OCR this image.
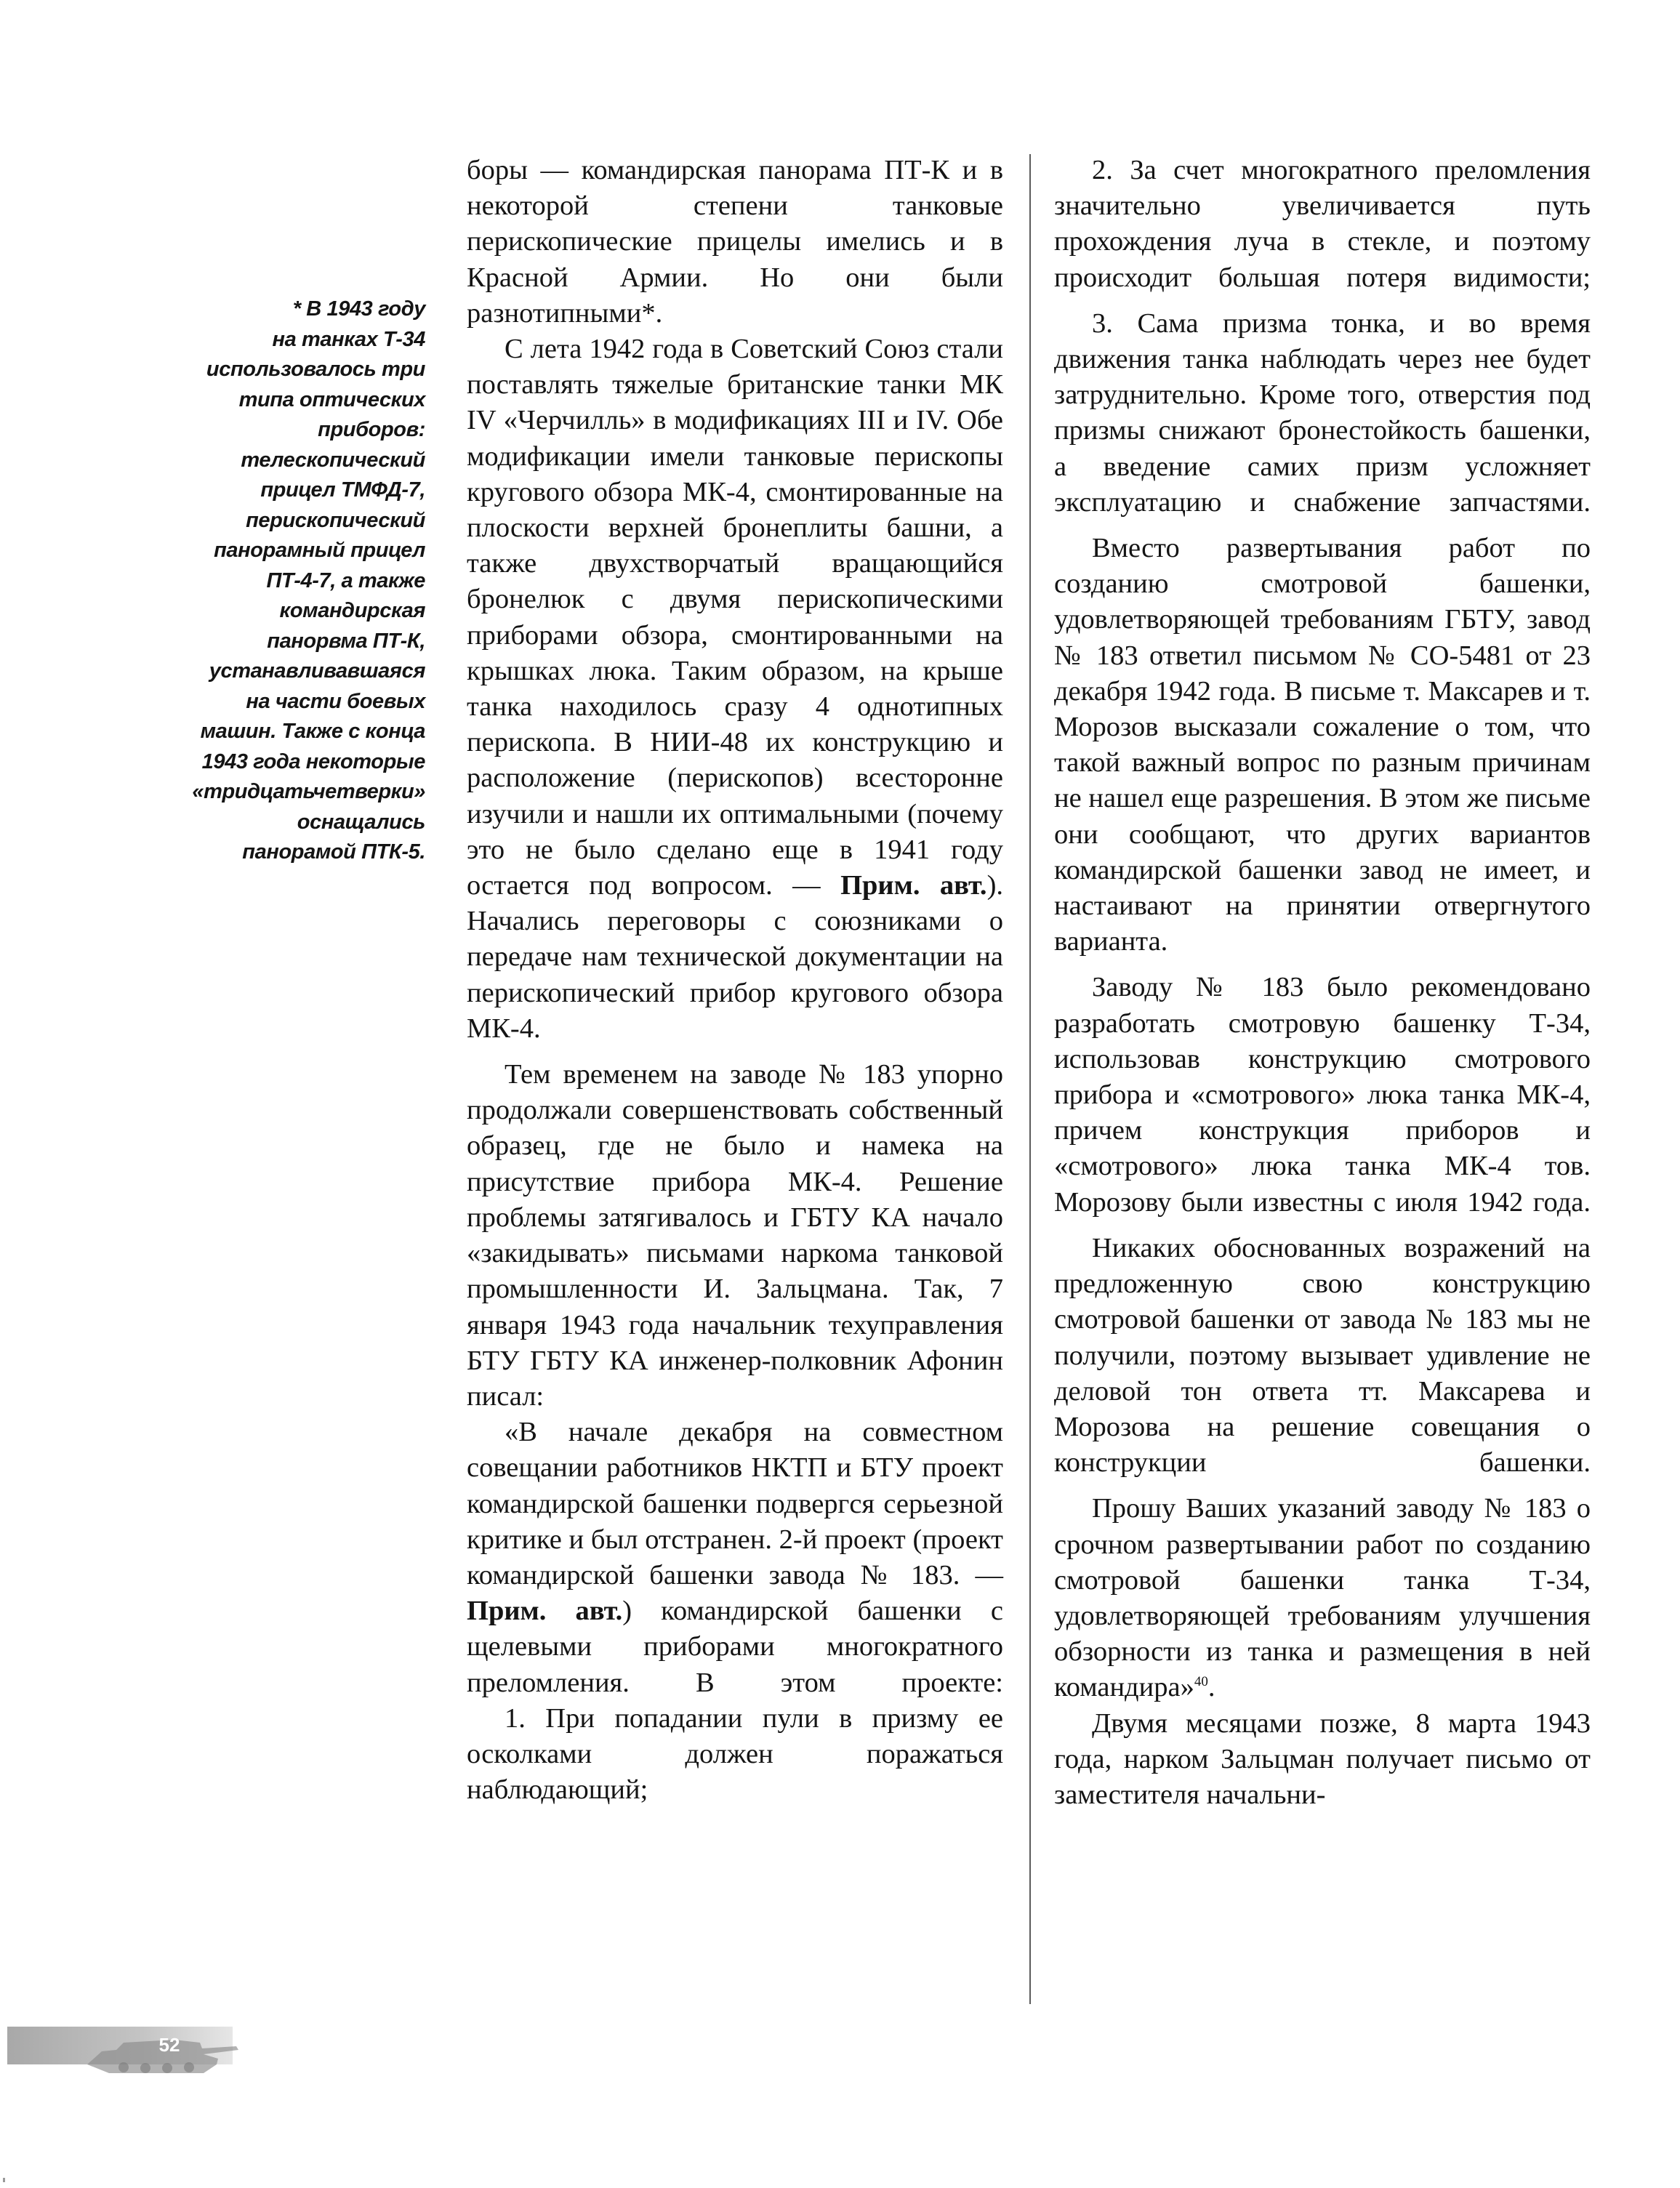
* В 1943 году
на танках Т-34
использовалось три
типа оптических
приборов:
телескопический
прицел ТМФД-7,
перископический
панорамный прицел
ПТ-4-7, а также
командирская
панорвма ПТ-К,
устанавливавшаяся
на части боевых
машин. Также с конца
1943 года некоторые
«тридцатьчетверки»
оснащались
панорамой ПТК-5.

боры — командирская панорама ПТ-К и в некоторой степени танковые перископические прицелы имелись и в Красной Армии. Но они были разнотипными*.

С лета 1942 года в Советский Союз стали поставлять тяжелые британские танки МК IV «Черчилль» в модификациях III и IV. Обе модификации имели танковые перископы кругового обзора МК-4, смонтированные на плоскости верхней бронеплиты башни, а также двухстворчатый вращающийся бронелюк с двумя перископическими приборами обзора, смонтированными на крышках люка. Таким образом, на крыше танка находилось сразу 4 однотипных перископа. В НИИ-48 их конструкцию и расположение (перископов) всесторонне изучили и нашли их оптимальными (почему это не было сделано еще в 1941 году остается под вопросом. — Прим. авт.). Начались переговоры с союзниками о передаче нам технической документации на перископический прибор кругового обзора МК-4.

Тем временем на заводе № 183 упорно продолжали совершенствовать собственный образец, где не было и намека на присутствие прибора МК-4. Решение проблемы затягивалось и ГБТУ КА начало «закидывать» письмами наркома танковой промышленности И. Зальцмана. Так, 7 января 1943 года начальник техуправления БТУ ГБТУ КА инженер-полковник Афонин писал:

«В начале декабря на совместном совещании работников НКТП и БТУ проект командирской башенки подвергся серьезной критике и был отстранен. 2-й проект (проект командирской башенки завода № 183. —
Прим. авт.) командирской башенки с щелевыми приборами многократного преломления. В этом проекте:

1. При попадании пули в призму ее осколками должен поражаться наблюдающий;

2. За счет многократного преломления значительно увеличивается путь прохождения луча в стекле, и поэтому происходит большая потеря видимости;

3. Сама призма тонка, и во время движения танка наблюдать через нее будет затруднительно. Кроме того, отверстия под призмы снижают бронестойкость башенки, а введение самих призм усложняет эксплуатацию и снабжение запчастями.

Вместо развертывания работ по созданию смотровой башенки, удовлетворяющей требованиям ГБТУ, завод № 183 ответил письмом № СО-5481 от 23 декабря 1942 года. В письме т. Максарев и т. Морозов высказали сожаление о том, что такой важный вопрос по разным причинам не нашел еще разрешения. В этом же письме они сообщают, что других вариантов командирской башенки завод не имеет, и настаивают на принятии отвергнутого варианта.

Заводу № 183 было рекомендовано разработать смотровую башенку Т-34, использовав конструкцию смотрового прибора и «смотрового» люка танка МК-4, причем конструкция приборов и «смотрового» люка танка МК-4 тов. Морозову были известны с июля 1942 года.

Никаких обоснованных возражений на предложенную свою конструкцию смотровой башенки от завода № 183 мы не получили, поэтому вызывает удивление не деловой тон ответа тт. Максарева и Морозова на решение совещания о конструкции башенки.

Прошу Ваших указаний заводу № 183 о срочном развертывании работ по созданию смотровой башенки танка Т-34, удовлетворяющей требованиям улучшения обзорности из танка и размещения в ней командира»$^{40}$.

Двумя месяцами позже, 8 марта 1943 года, нарком Зальцман получает письмо от заместителя начальни-

52
